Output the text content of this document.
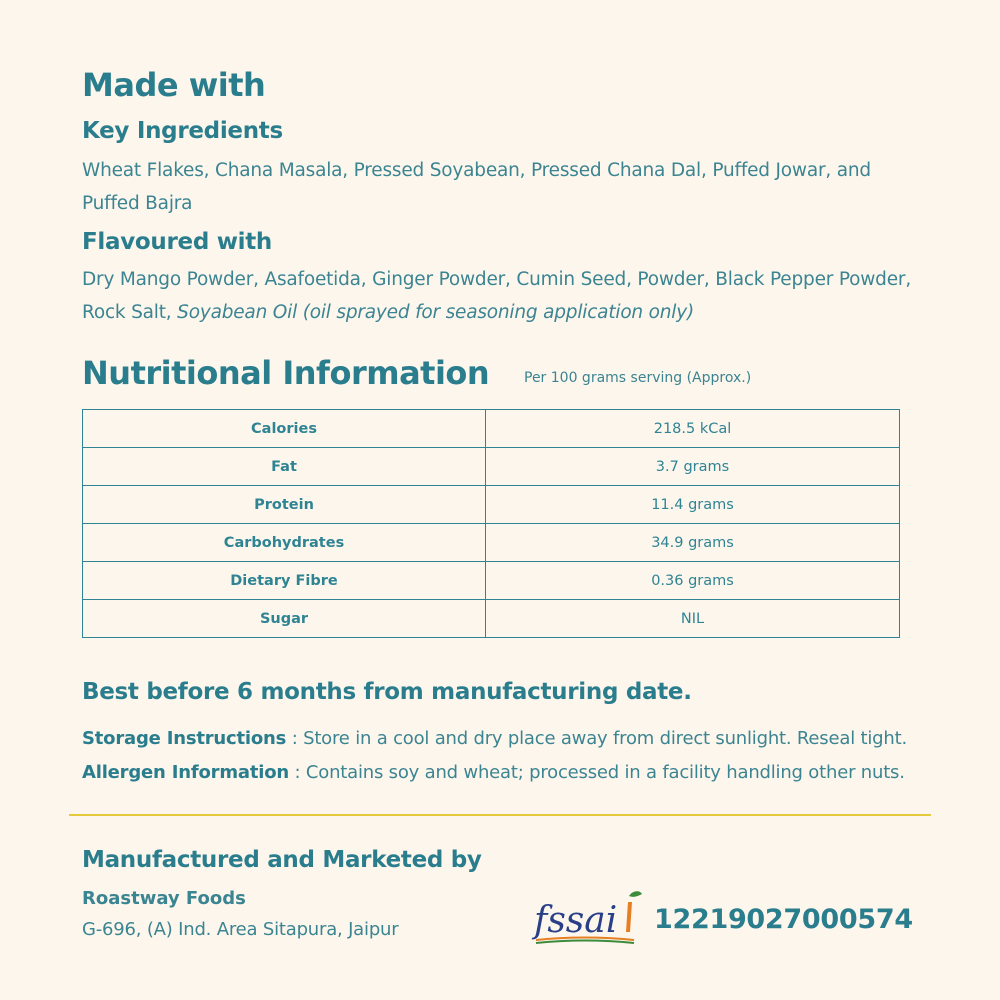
Made with
Key Ingredients
Wheat Flakes, Chana Masala, Pressed Soyabean, Pressed Chana Dal, Puffed Jowar, and Puffed Bajra
Flavoured with
Dry Mango Powder, Asafoetida, Ginger Powder, Cumin Seed, Powder, Black Pepper Powder, Rock Salt, Soyabean Oil (oil sprayed for seasoning application only)
Nutritional Information Per 100 grams serving (Approx.)
Calories	218.5 kCal
Fat	3.7 grams
Protein	11.4 grams
Carbohydrates	34.9 grams
Dietary Fibre	0.36 grams
Sugar	NIL
Best before 6 months from manufacturing date.
Storage Instructions : Store in a cool and dry place away from direct sunlight. Reseal tight.
Allergen Information : Contains soy and wheat; processed in a facility handling other nuts.
Manufactured and Marketed by
Roastway Foods
G-696, (A) Ind. Area Sitapura, Jaipur	fssai 12219027000574
